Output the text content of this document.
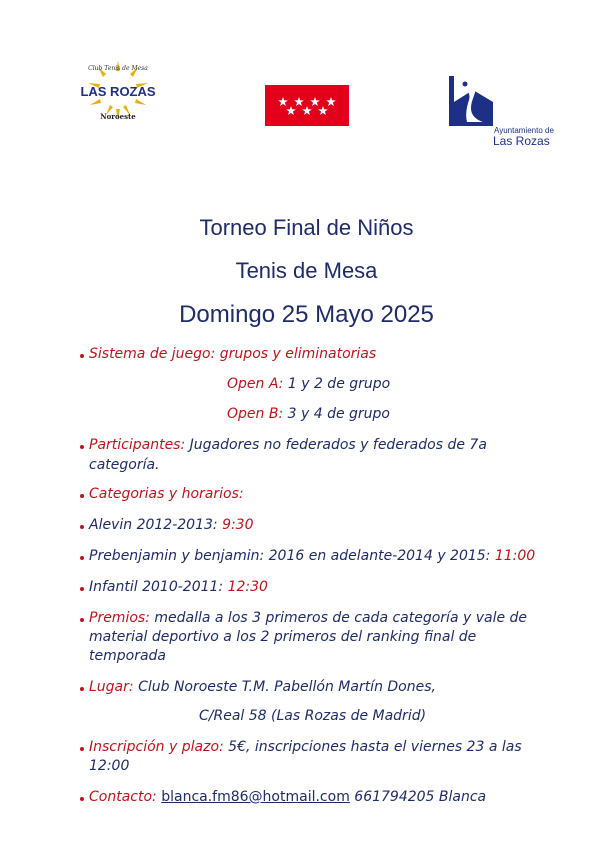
Club Tenis de Mesa
LAS ROZAS
Noroeste
Ayuntamiento de
Las Rozas
Torneo Final de Niños
Tenis de Mesa
Domingo 25 Mayo 2025
Sistema de juego: grupos y eliminatorias
Open A: 1 y 2 de grupo
Open B: 3 y 4 de grupo
Participantes: Jugadores no federados y federados de 7a
categoría.
Categorias y horarios:
Alevin 2012-2013: 9:30
Prebenjamin y benjamin: 2016 en adelante-2014 y 2015: 11:00
Infantil 2010-2011: 12:30
Premios: medalla a los 3 primeros de cada categoría y vale de
material deportivo a los 2 primeros del ranking final de
temporada
Lugar: Club Noroeste T.M. Pabellón Martín Dones,
C/Real 58 (Las Rozas de Madrid)
Inscripción y plazo: 5€, inscripciones hasta el viernes 23 a las
12:00
Contacto: blanca.fm86@hotmail.com 661794205 Blanca
